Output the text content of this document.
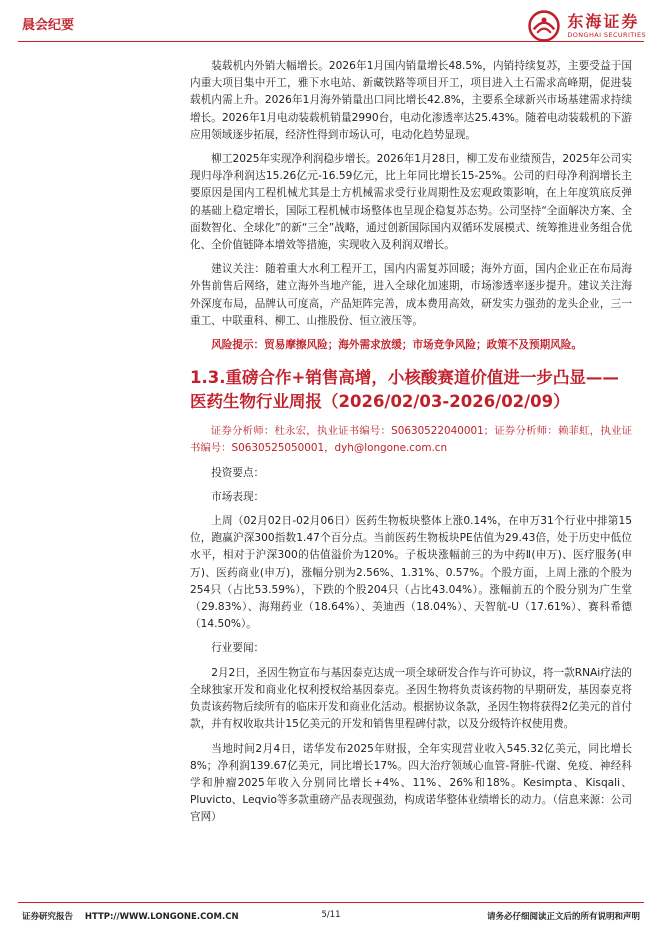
晨会纪要	东海证券
DONGHAI SECURITIES

装载机内外销大幅增长。2026年1月国内销量增长48.5%，内销持续复苏，主要受益于国内重大项目集中开工，雅下水电站、新藏铁路等项目开工，项目进入土石需求高峰期，促进装载机内需上升。2026年1月海外销量出口同比增长42.8%，主要系全球新兴市场基建需求持续增长。2026年1月电动装载机销量2990台，电动化渗透率达25.43%。随着电动装载机的下游应用领域逐步拓展，经济性得到市场认可，电动化趋势显现。

柳工2025年实现净利润稳步增长。2026年1月28日，柳工发布业绩预告，2025年公司实现归母净利润达15.26亿元-16.59亿元，比上年同比增长15-25%。公司的归母净利润增长主要原因是国内工程机械尤其是土方机械需求受行业周期性及宏观政策影响，在上年度筑底反弹的基础上稳定增长，国际工程机械市场整体也呈现企稳复苏态势。公司坚持“全面解决方案、全面数智化、全球化”的新“三全”战略，通过创新国际国内双循环发展模式、统筹推进业务组合优化、全价值链降本增效等措施，实现收入及利润双增长。

建议关注：随着重大水利工程开工，国内内需复苏回暖；海外方面，国内企业正在布局海外售前售后网络，建立海外当地产能，进入全球化加速期，市场渗透率逐步提升。建议关注海外深度布局，品牌认可度高，产品矩阵完善，成本费用高效，研发实力强劲的龙头企业，三一重工、中联重科、柳工、山推股份、恒立液压等。

风险提示：贸易摩擦风险；海外需求放缓；市场竞争风险；政策不及预期风险。

1.3.重磅合作+销售高增，小核酸赛道价值进一步凸显——医药生物行业周报（2026/02/03-2026/02/09）

证券分析师：杜永宏，执业证书编号：S0630522040001；证券分析师：赖菲虹，执业证书编号：S0630525050001，dyh@longone.com.cn

投资要点：

市场表现：

上周（02月02日-02月06日）医药生物板块整体上涨0.14%，在申万31个行业中排第15位，跑赢沪深300指数1.47个百分点。当前医药生物板块PE估值为29.43倍，处于历史中低位水平，相对于沪深300的估值溢价为120%。子板块涨幅前三的为中药Ⅱ(申万)、医疗服务(申万)、医药商业(申万)，涨幅分别为2.56%、1.31%、0.57%。个股方面，上周上涨的个股为254只（占比53.59%），下跌的个股204只（占比43.04%）。涨幅前五的个股分别为广生堂（29.83%）、海翔药业（18.64%）、美迪西（18.04%）、天智航-U（17.61%）、赛科希德（14.50%）。

行业要闻：

2月2日，圣因生物宣布与基因泰克达成一项全球研发合作与许可协议，将一款RNAi疗法的全球独家开发和商业化权利授权给基因泰克。圣因生物将负责该药物的早期研发，基因泰克将负责该药物后续所有的临床开发和商业化活动。根据协议条款，圣因生物将获得2亿美元的首付款，并有权收取共计15亿美元的开发和销售里程碑付款，以及分级特许权使用费。

当地时间2月4日，诺华发布2025年财报，全年实现营业收入545.32亿美元，同比增长8%；净利润139.67亿美元，同比增长17%。四大治疗领域心血管-肾脏-代谢、免疫、神经科学和肿瘤2025年收入分别同比增长+4%、11%、26%和18%。Kesimpta、Kisqali、Pluvicto、Leqvio等多款重磅产品表现强劲，构成诺华整体业绩增长的动力。（信息来源：公司官网）

证券研究报告 HTTP://WWW.LONGONE.COM.CN	5/11	请务必仔细阅读正文后的所有说明和声明
